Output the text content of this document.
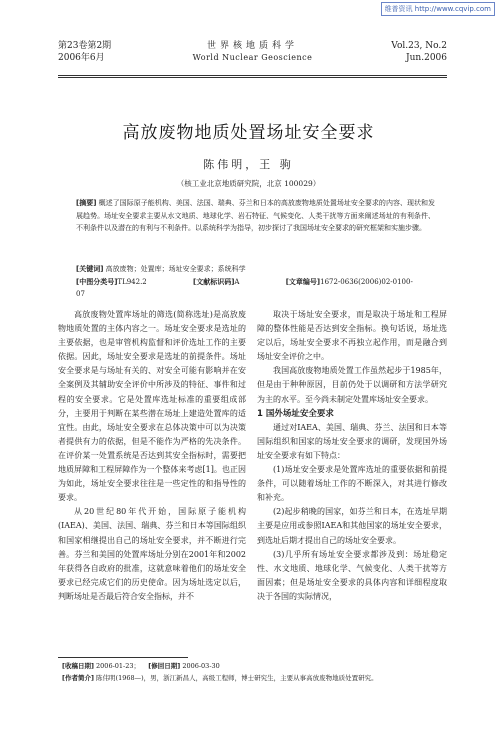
维普资讯 http://www.cqvip.com
第23卷第2期
2006年6月
世界核地质科学
World Nuclear Geoscience
Vol.23, No.2
Jun.2006
高放废物地质处置场址安全要求
陈伟明，王 驹
（核工业北京地质研究院，北京 100029）
[摘要] 概述了国际原子能机构、美国、法国、瑞典、芬兰和日本的高放废物地质处置场址安全要求的内容、现状和发展趋势。场址安全要求主要从水文地质、地球化学、岩石特征、气候变化、人类干扰等方面来阐述场址的有利条件、不利条件以及潜在的有利与不利条件。以系统科学为指导，初步探讨了我国场址安全要求的研究框架和实施步骤。
[关键词] 高放废物；处置库；场址安全要求；系统科学
[中图分类号]TL942.2	[文献标识码]A	[文章编号]1672-0636(2006)02-0100-07

高放废物处置库场址的筛选(简称选址)是高放废物地质处置的主体内容之一。场址安全要求是选址的主要依据，也是审管机构监督和评价选址工作的主要依据。因此，场址安全要求是选址的前提条件。场址安全要求是与场址有关的、对安全可能有影响并在安全案例及其辅助安全评价中所涉及的特征、事件和过程的安全要求。它是处置库选址标准的重要组成部分，主要用于判断在某些潜在场址上建造处置库的适宜性。由此，场址安全要求在总体决策中可以为决策者提供有力的依据，但是不能作为严格的先决条件。在评价某一处置系统是否达到其安全指标时，需要把地质屏障和工程屏障作为一个整体来考虑[1]。也正因为如此，场址安全要求往往是一些定性的和指导性的要求。

从20世纪80年代开始，国际原子能机构(IAEA)、美国、法国、瑞典、芬兰和日本等国际组织和国家相继提出自己的场址安全要求，并不断进行完善。芬兰和美国的处置库场址分别在2001年和2002年获得各自政府的批准，这就意味着他们的场址安全要求已经完成它们的历史使命。因为场址选定以后，判断场址是否最后符合安全指标，并不

取决于场址安全要求，而是取决于场址和工程屏障的整体性能是否达到安全指标。换句话说，场址选定以后，场址安全要求不再独立起作用，而是融合到场址安全评价之中。

我国高放废物地质处置工作虽然起步于1985年，但是由于种种原因，目前仍处于以调研和方法学研究为主的水平。至今尚未制定处置库场址安全要求。

1 国外场址安全要求

通过对IAEA、美国、瑞典、芬兰、法国和日本等国际组织和国家的场址安全要求的调研，发现国外场址安全要求有如下特点：

(1)场址安全要求是处置库选址的重要依据和前提条件，可以随着场址工作的不断深入，对其进行修改和补充。

(2)起步稍晚的国家，如芬兰和日本，在选址早期主要是应用或参照IAEA和其他国家的场址安全要求，到选址后期才提出自己的场址安全要求。

(3)几乎所有场址安全要求都涉及到：场址稳定性、水文地质、地球化学、气候变化、人类干扰等方面因素；但是场址安全要求的具体内容和详细程度取决于各国的实际情况，

[收稿日期] 2006-01-23； [修回日期] 2006-03-30
[作者简介] 陈伟明(1968—)，男，浙江新昌人，高级工程师，博士研究生，主要从事高放废物地质处置研究。
